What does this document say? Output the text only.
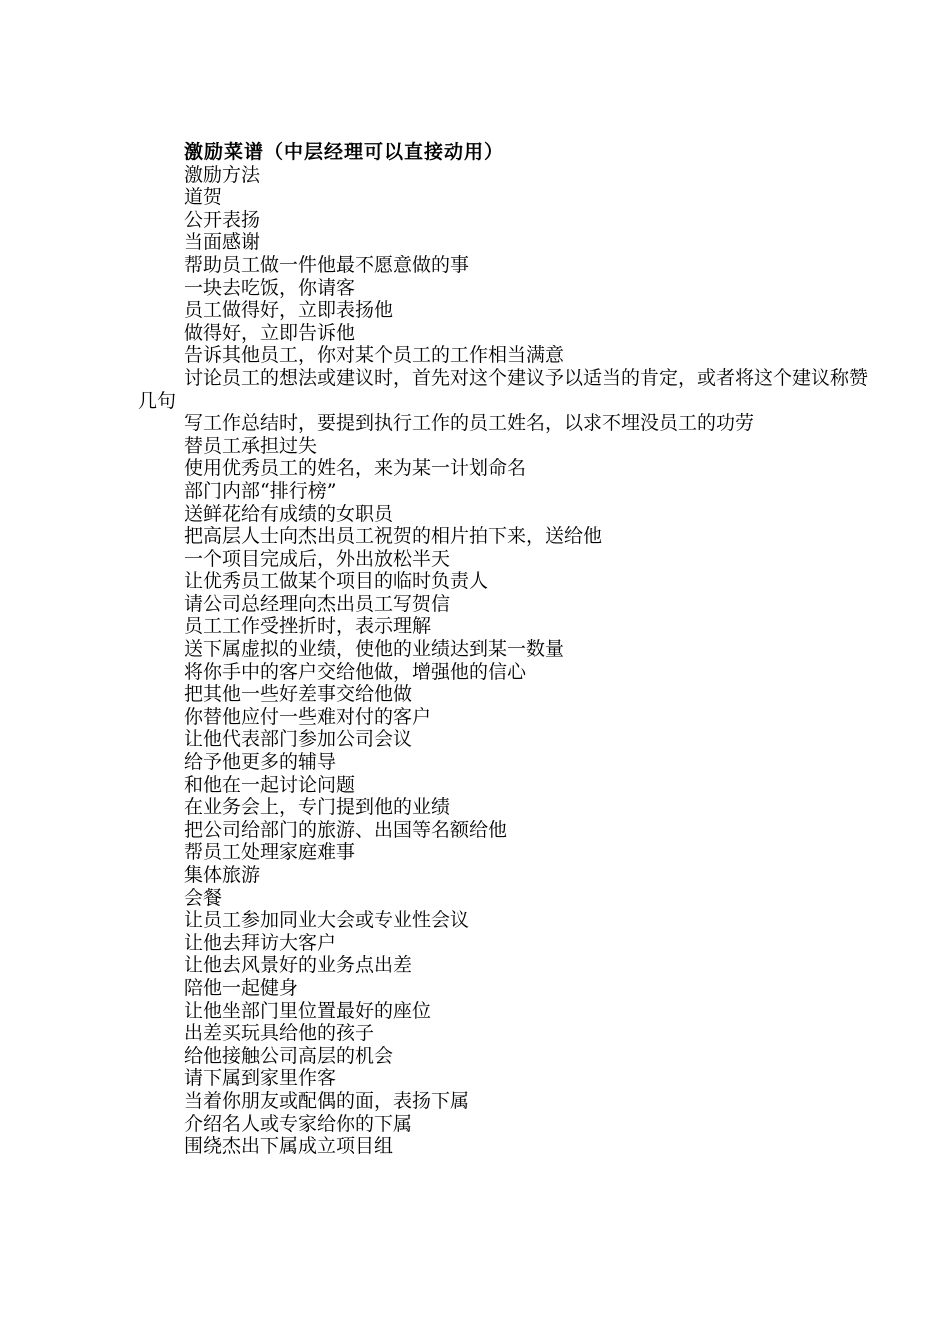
激励菜谱（中层经理可以直接动用）

激励方法

道贺

公开表扬

当面感谢

帮助员工做一件他最不愿意做的事

一块去吃饭，你请客

员工做得好，立即表扬他

做得好，立即告诉他

告诉其他员工，你对某个员工的工作相当满意

讨论员工的想法或建议时，首先对这个建议予以适当的肯定，或者将这个建议称赞几句

写工作总结时，要提到执行工作的员工姓名，以求不埋没员工的功劳

替员工承担过失

使用优秀员工的姓名，来为某一计划命名

部门内部“排行榜”

送鲜花给有成绩的女职员

把高层人士向杰出员工祝贺的相片拍下来，送给他

一个项目完成后，外出放松半天

让优秀员工做某个项目的临时负责人

请公司总经理向杰出员工写贺信

员工工作受挫折时，表示理解

送下属虚拟的业绩，使他的业绩达到某一数量

将你手中的客户交给他做，增强他的信心

把其他一些好差事交给他做

你替他应付一些难对付的客户

让他代表部门参加公司会议

给予他更多的辅导

和他在一起讨论问题

在业务会上，专门提到他的业绩

把公司给部门的旅游、出国等名额给他

帮员工处理家庭难事

集体旅游

会餐

让员工参加同业大会或专业性会议

让他去拜访大客户

让他去风景好的业务点出差

陪他一起健身

让他坐部门里位置最好的座位

出差买玩具给他的孩子

给他接触公司高层的机会

请下属到家里作客

当着你朋友或配偶的面，表扬下属

介绍名人或专家给你的下属

围绕杰出下属成立项目组
